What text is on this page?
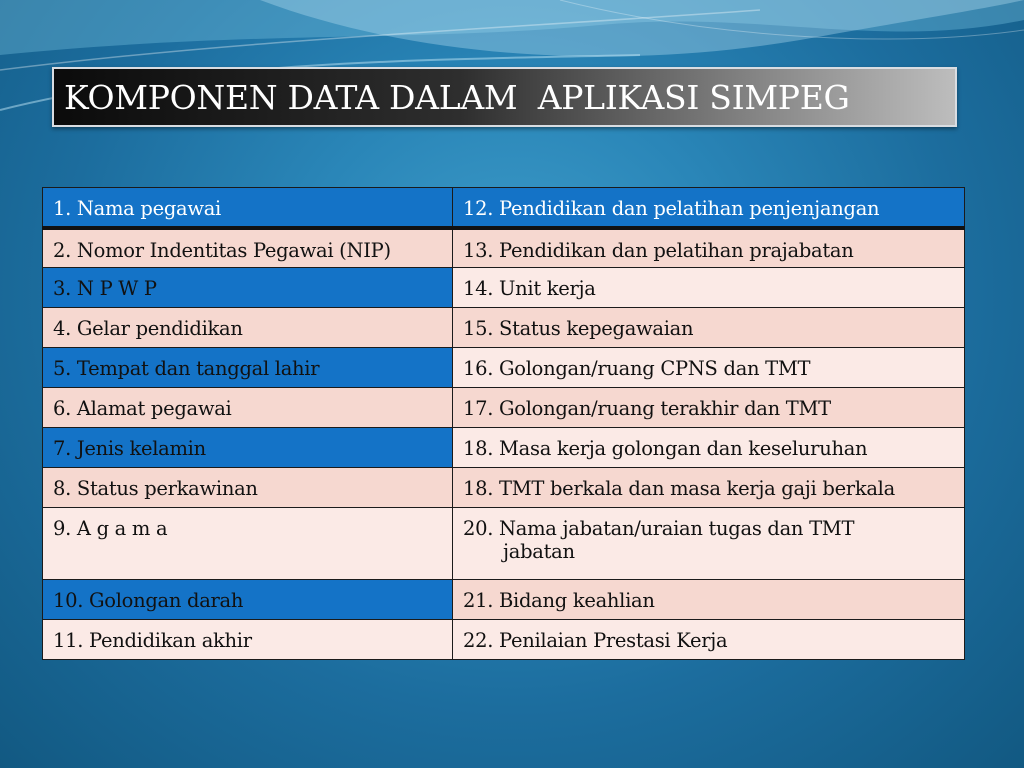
KOMPONEN DATA DALAM  APLIKASI SIMPEG
1. Nama pegawai	12. Pendidikan dan pelatihan penjenjangan
2. Nomor Indentitas Pegawai (NIP)	13. Pendidikan dan pelatihan prajabatan
3. N P W P	14. Unit kerja
4. Gelar pendidikan	15. Status kepegawaian
5. Tempat dan tanggal lahir	16. Golongan/ruang CPNS dan TMT
6. Alamat pegawai	17. Golongan/ruang terakhir dan TMT
7. Jenis kelamin	18. Masa kerja golongan dan keseluruhan
8. Status perkawinan	18. TMT berkala dan masa kerja gaji berkala
9. A g a m a	20. Nama jabatan/uraian tugas dan TMT
jabatan

10. Golongan darah	21. Bidang keahlian
11. Pendidikan akhir	22. Penilaian Prestasi Kerja
